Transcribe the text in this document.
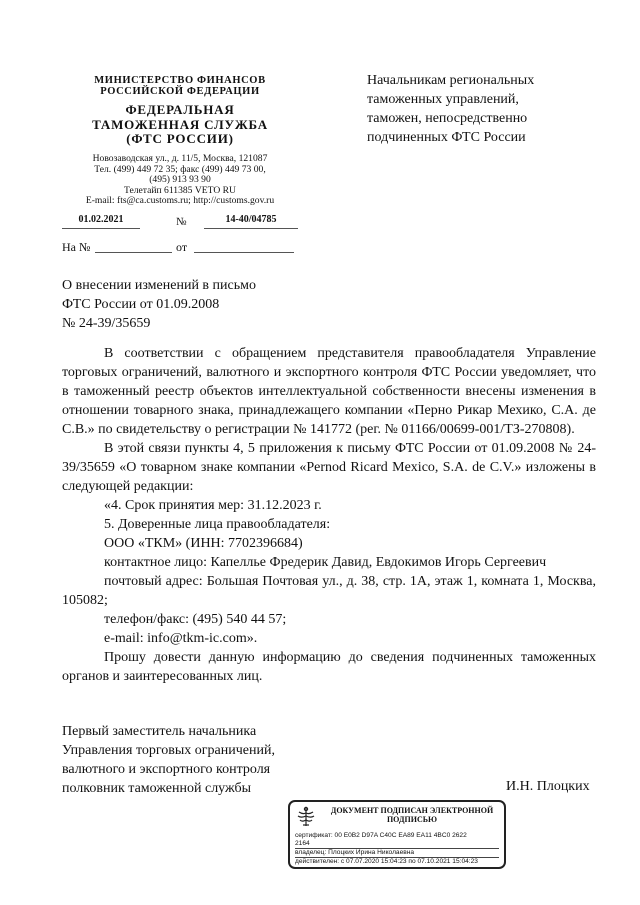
МИНИСТЕРСТВО ФИНАНСОВ
РОССИЙСКОЙ ФЕДЕРАЦИИ
ФЕДЕРАЛЬНАЯ
ТАМОЖЕННАЯ СЛУЖБА
(ФТС РОССИИ)
Новозаводская ул., д. 11/5, Москва, 121087
Тел. (499) 449 72 35; факс (499) 449 73 00,
(495) 913 93 90
Телетайп 611385 VETO RU
E-mail: fts@ca.customs.ru; http://customs.gov.ru
01.02.2021	№	14-40/04785
На №	от
Начальникам региональных
таможенных управлений,
таможен, непосредственно
подчиненных ФТС России
О внесении изменений в письмо
ФТС России от 01.09.2008
№ 24-39/35659

В соответствии с обращением представителя правообладателя Управление торговых ограничений, валютного и экспортного контроля ФТС России уведомляет, что в таможенный реестр объектов интеллектуальной собственности внесены изменения в отношении товарного знака, принадлежащего компании «Перно Рикар Мехико, С.А. де С.В.» по свидетельству о регистрации № 141772 (рег. № 01166/00699-001/ТЗ-270808).

В этой связи пункты 4, 5 приложения к письму ФТС России от 01.09.2008 № 24-39/35659 «О товарном знаке компании «Pernod Ricard Mexico, S.A. de C.V.» изложены в следующей редакции:

«4. Срок принятия мер: 31.12.2023 г.

5. Доверенные лица правообладателя:

ООО «ТКМ» (ИНН: 7702396684)

контактное лицо: Капеллье Фредерик Давид, Евдокимов Игорь Сергеевич

почтовый адрес: Большая Почтовая ул., д. 38, стр. 1А, этаж 1, комната 1, Москва, 105082;

телефон/факс: (495) 540 44 57;

e-mail: info@tkm-ic.com».

Прошу довести данную информацию до сведения подчиненных таможенных органов и заинтересованных лиц.

Первый заместитель начальника
Управления торговых ограничений,
валютного и экспортного контроля
полковник таможенной службы	И.Н. Плоцких
ДОКУМЕНТ ПОДПИСАН ЭЛЕКТРОННОЙ
ПОДПИСЬЮ
сертификат: 00 E0B2 D97A C40C EA89 EA11 4BC0 2622
2164
владелец: Плоцких Ирина Николаевна
действителен: с 07.07.2020 15:04:23 по 07.10.2021 15:04:23
